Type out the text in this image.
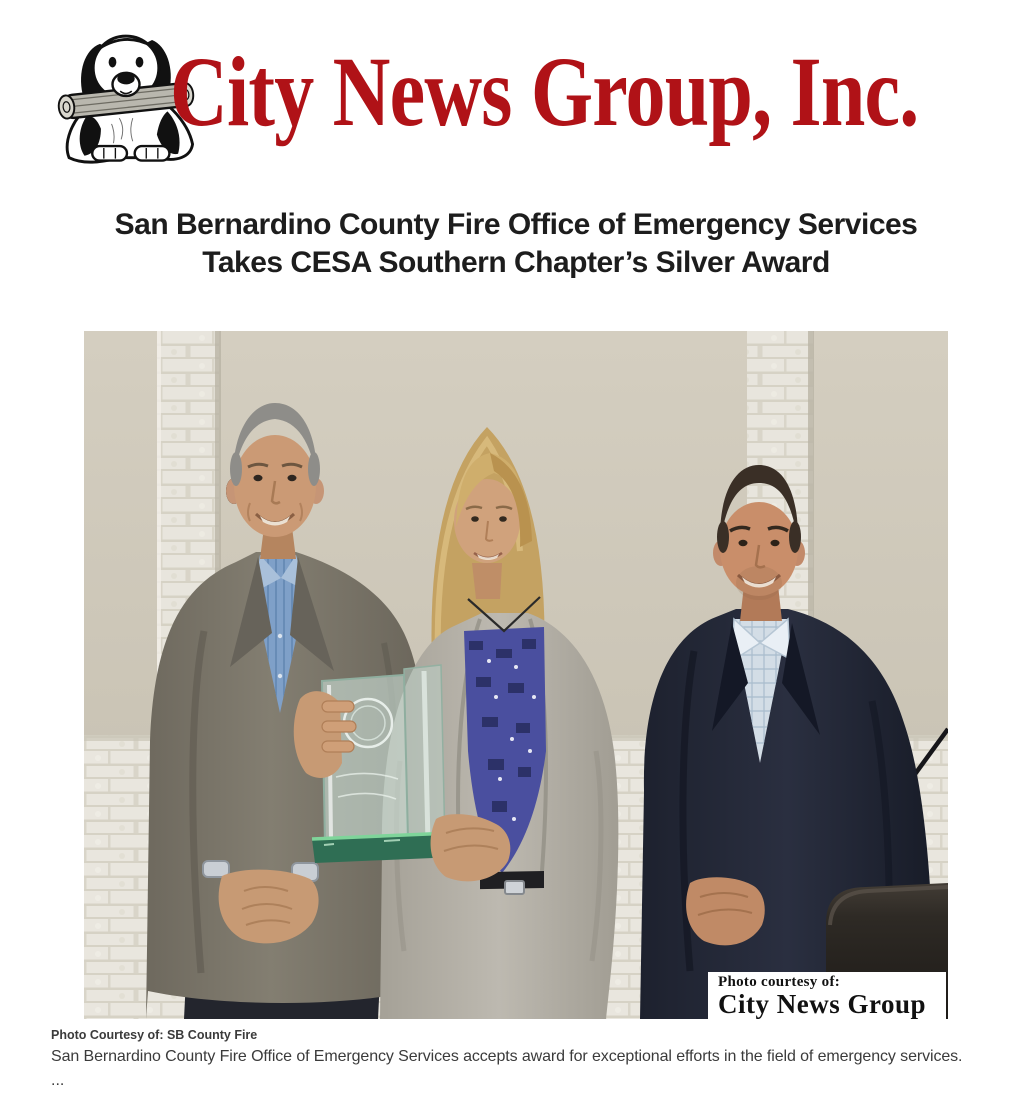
City News Group, Inc.
San Bernardino County Fire Office of Emergency Services
Takes CESA Southern Chapter’s Silver Award
Photo courtesy of:
City News Group
Photo Courtesy of: SB County Fire
San Bernardino County Fire Office of Emergency Services accepts award for exceptional efforts in the field of emergency services.
...
